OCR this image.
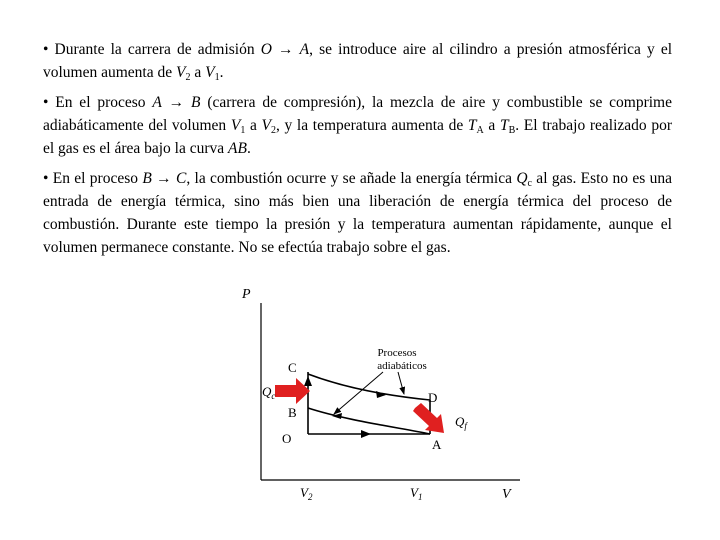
• Durante la carrera de admisión O → A, se introduce aire al cilindro a presión atmosférica y el volumen aumenta de $V_2$ a $V_1$.

• En el proceso A → B (carrera de compresión), la mezcla de aire y combustible se comprime adiabáticamente del volumen $V_1$ a $V_2$, y la temperatura aumenta de $T_A$ a $T_B$. El trabajo realizado por el gas es el área bajo la curva AB.

• En el proceso B → C, la combustión ocurre y se añade la energía térmica $Q_c$ al gas. Esto no es una entrada de energía térmica, sino más bien una liberación de energía térmica del proceso de combustión. Durante este tiempo la presión y la temperatura aumentan rápidamente, aunque el volumen permanece constante. No se efectúa trabajo sobre el gas.

P
V
C
B
D
O	A
Procesos
adiabáticos
$Q_c$
$Q_f$
$V_2$	$V_1$
